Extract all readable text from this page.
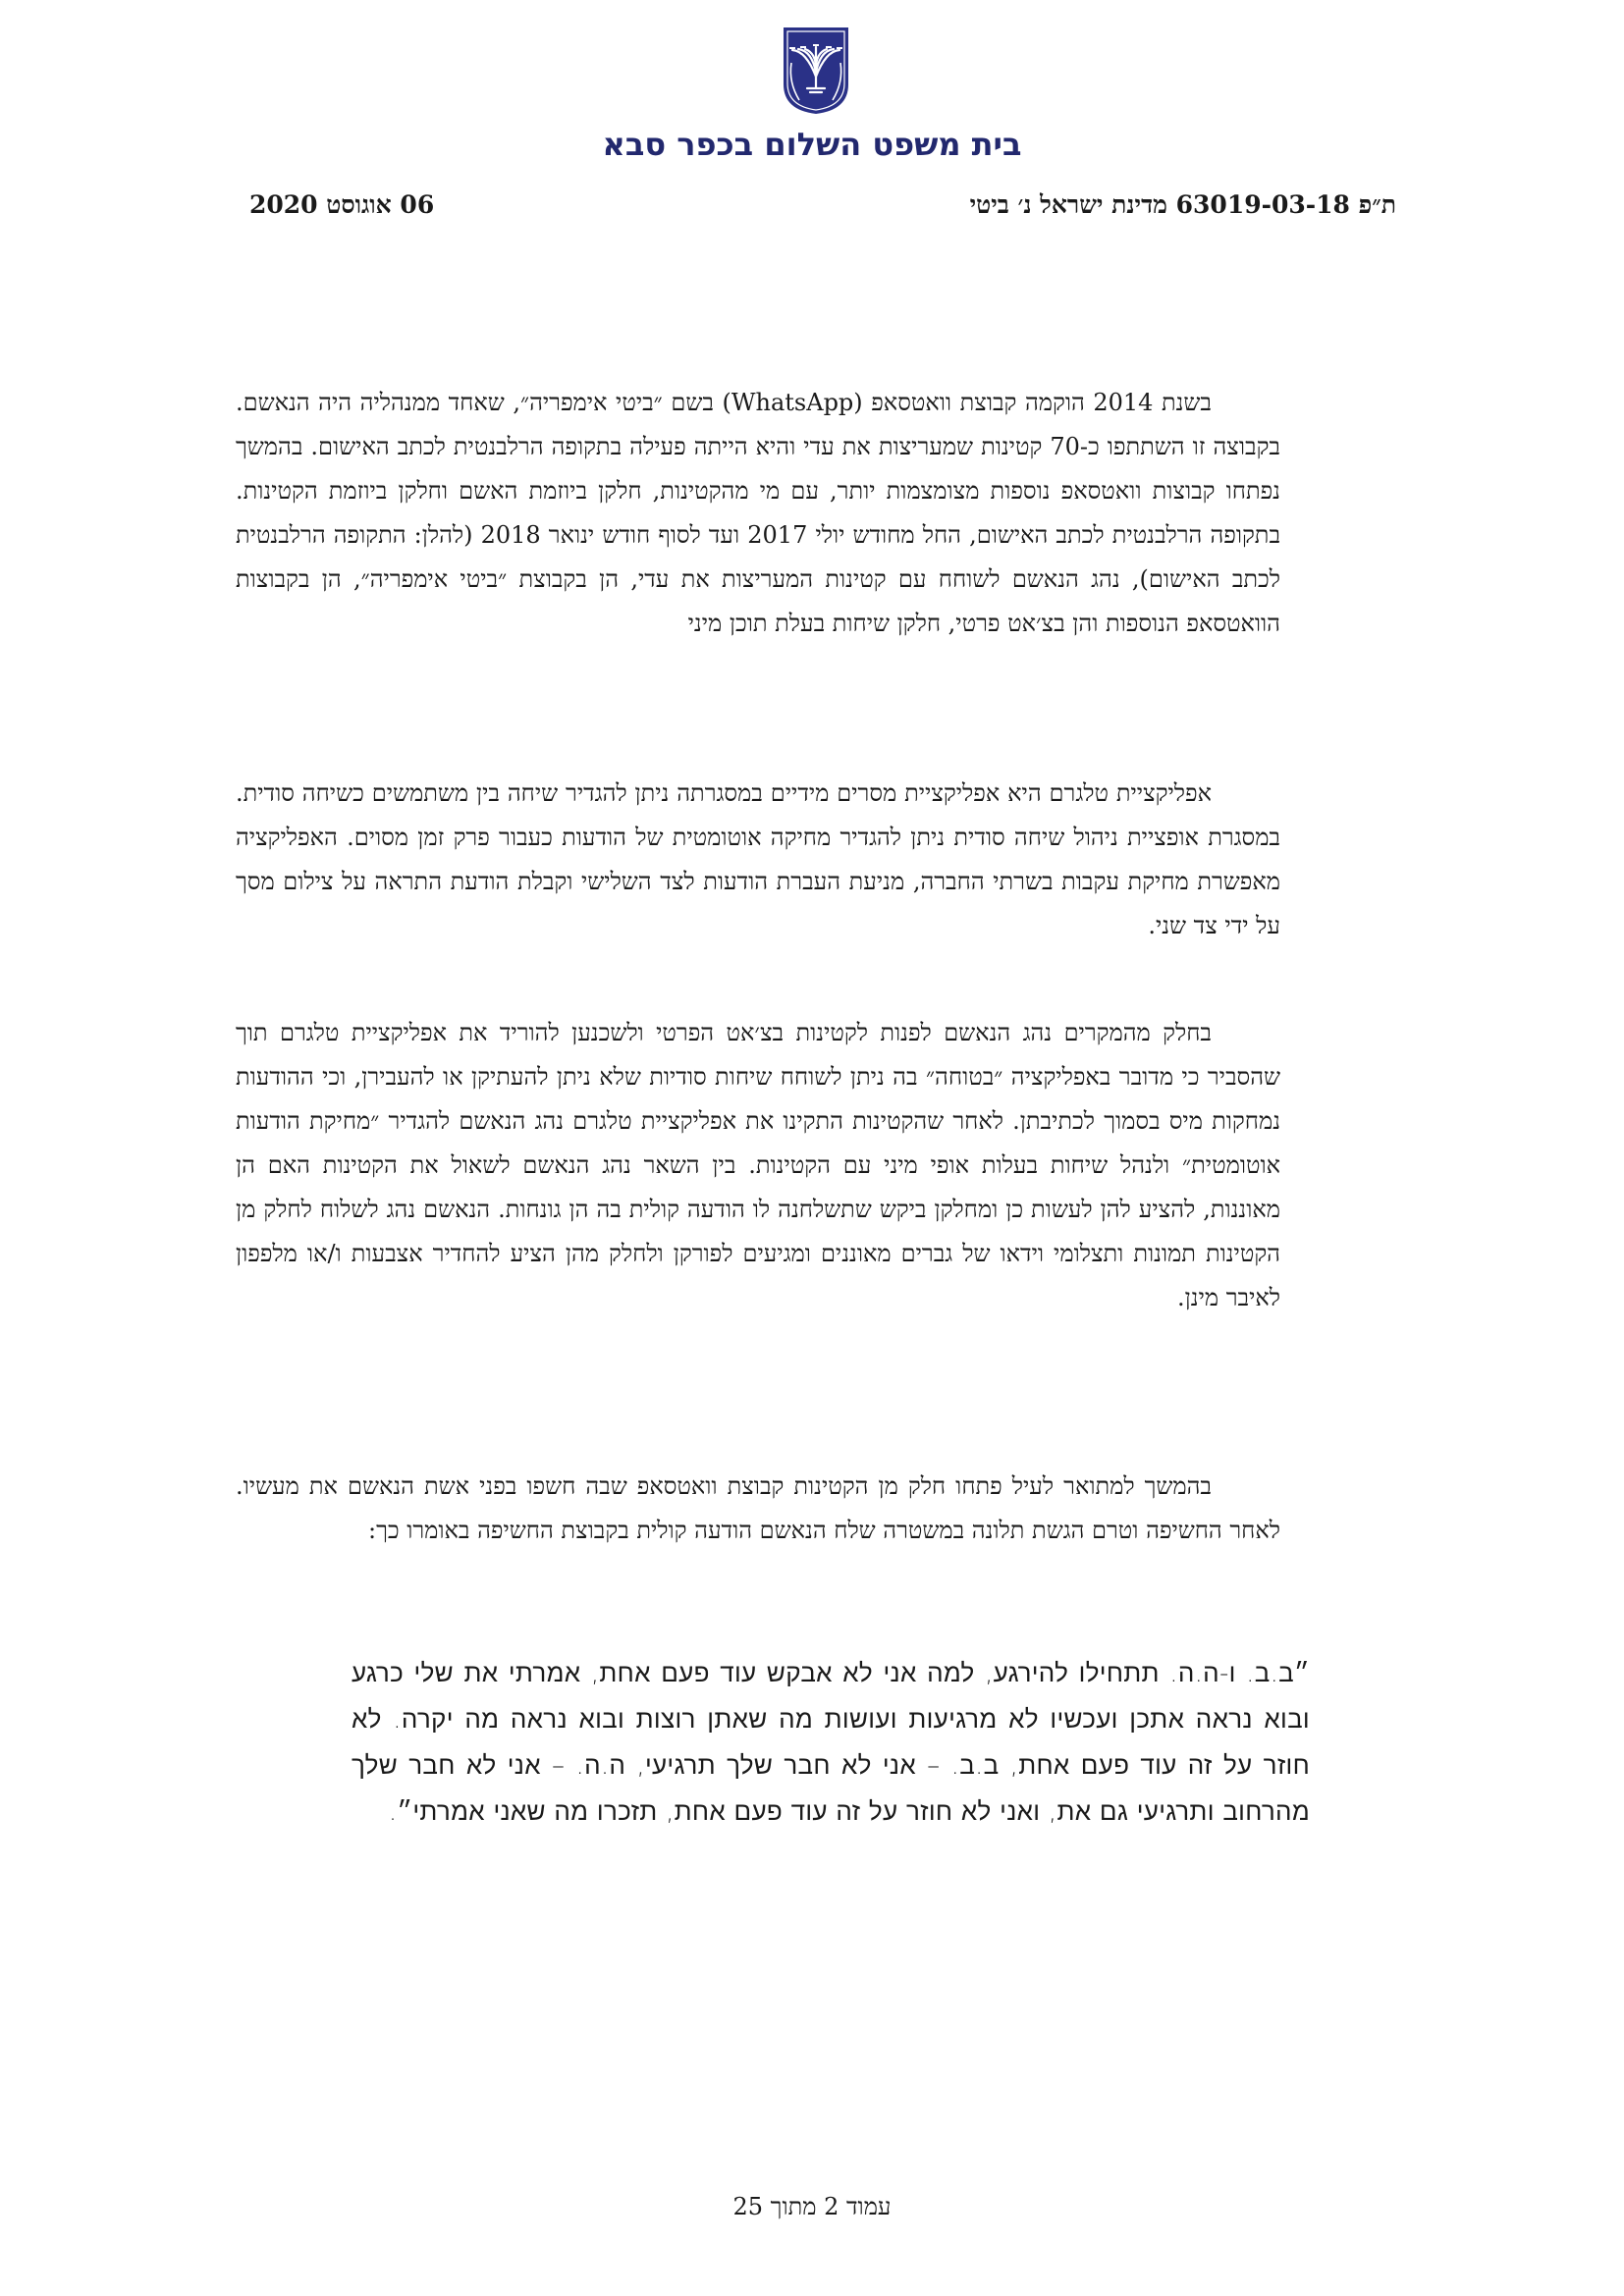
בית משפט השלום בכפר סבא
ת״פ 63019-03-18 מדינת ישראל נ׳ ביטי
06 אוגוסט 2020

בשנת 2014 הוקמה קבוצת וואטסאפ (WhatsApp) בשם ״ביטי אימפריה״, שאחד ממנהליה היה הנאשם. בקבוצה זו השתתפו כ-70 קטינות שמעריצות את עדי והיא הייתה פעילה בתקופה הרלבנטית לכתב האישום. בהמשך נפתחו קבוצות וואטסאפ נוספות מצומצמות יותר, עם מי מהקטינות, חלקן ביוזמת האשם וחלקן ביוזמת הקטינות. בתקופה הרלבנטית לכתב האישום, החל מחודש יולי 2017 ועד לסוף חודש ינואר 2018 (להלן: התקופה הרלבנטית לכתב האישום), נהג הנאשם לשוחח עם קטינות המעריצות את עדי, הן בקבוצת ״ביטי אימפריה״, הן בקבוצות הוואטסאפ הנוספות והן בצ׳אט פרטי, חלקן שיחות בעלת תוכן מיני

אפליקציית טלגרם היא אפליקציית מסרים מידיים במסגרתה ניתן להגדיר שיחה בין משתמשים כשיחה סודית. במסגרת אופציית ניהול שיחה סודית ניתן להגדיר מחיקה אוטומטית של הודעות כעבור פרק זמן מסוים. האפליקציה מאפשרת מחיקת עקבות בשרתי החברה, מניעת העברת הודעות לצד השלישי וקבלת הודעת התראה על צילום מסך על ידי צד שני.

בחלק מהמקרים נהג הנאשם לפנות לקטינות בצ׳אט הפרטי ולשכנען להוריד את אפליקציית טלגרם תוך שהסביר כי מדובר באפליקציה ״בטוחה״ בה ניתן לשוחח שיחות סודיות שלא ניתן להעתיקן או להעבירן, וכי ההודעות נמחקות מיס בסמוך לכתיבתן. לאחר שהקטינות התקינו את אפליקציית טלגרם נהג הנאשם להגדיר ״מחיקת הודעות אוטומטית״ ולנהל שיחות בעלות אופי מיני עם הקטינות. בין השאר נהג הנאשם לשאול את הקטינות האם הן מאוננות, להציע להן לעשות כן ומחלקן ביקש שתשלחנה לו הודעה קולית בה הן גונחות. הנאשם נהג לשלוח לחלק מן הקטינות תמונות ותצלומי וידאו של גברים מאוננים ומגיעים לפורקן ולחלק מהן הציע להחדיר אצבעות ו/או מלפפון לאיבר מינן.

בהמשך למתואר לעיל פתחו חלק מן הקטינות קבוצת וואטסאפ שבה חשפו בפני אשת הנאשם את מעשיו. לאחר החשיפה וטרם הגשת תלונה במשטרה שלח הנאשם הודעה קולית בקבוצת החשיפה באומרו כך:

״ב.ב. ו-ה.ה. תתחילו להירגע, למה אני לא אבקש עוד פעם אחת, אמרתי את שלי כרגע ובוא נראה אתכן ועכשיו לא מרגיעות ועושות מה שאתן רוצות ובוא נראה מה יקרה. לא חוזר על זה עוד פעם אחת, ב.ב. – אני לא חבר שלך תרגיעי, ה.ה. – אני לא חבר שלך מהרחוב ותרגיעי גם את, ואני לא חוזר על זה עוד פעם אחת, תזכרו מה שאני אמרתי״.

עמוד 2 מתוך 25
